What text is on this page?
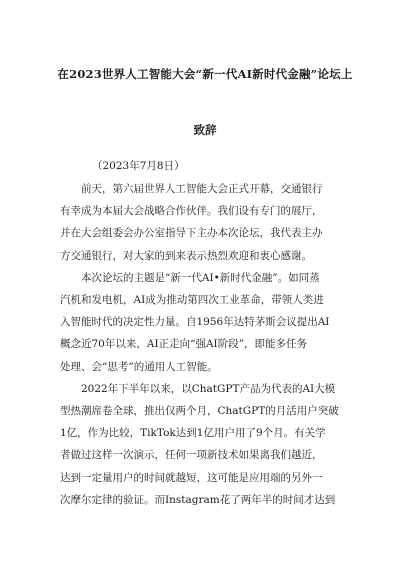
在2023世界人工智能大会“新一代AI新时代金融”论坛上
致辞

（2023年7月8日）

前天，第六届世界人工智能大会正式开幕，交通银行
有幸成为本届大会战略合作伙伴。我们设有专门的展厅，
并在大会组委会办公室指导下主办本次论坛，我代表主办
方交通银行，对大家的到来表示热烈欢迎和衷心感谢。

本次论坛的主题是“新一代AI•新时代金融”。如同蒸
汽机和发电机，AI成为推动第四次工业革命，带领人类进
入智能时代的决定性力量。自1956年达特茅斯会议提出AI
概念近70年以来，AI正走向“强AI阶段”，即能多任务
处理、会“思考”的通用人工智能。

2022年下半年以来，以ChatGPT产品为代表的AI大模
型热潮席卷全球，推出仅两个月，ChatGPT的月活用户突破
1亿，作为比较，TikTok达到1亿用户用了9个月。有关学
者做过这样一次演示，任何一项新技术如果离我们越近，
达到一定量用户的时间就越短，这可能是应用端的另外一
次摩尔定律的验证。而Instagram花了两年半的时间才达到
